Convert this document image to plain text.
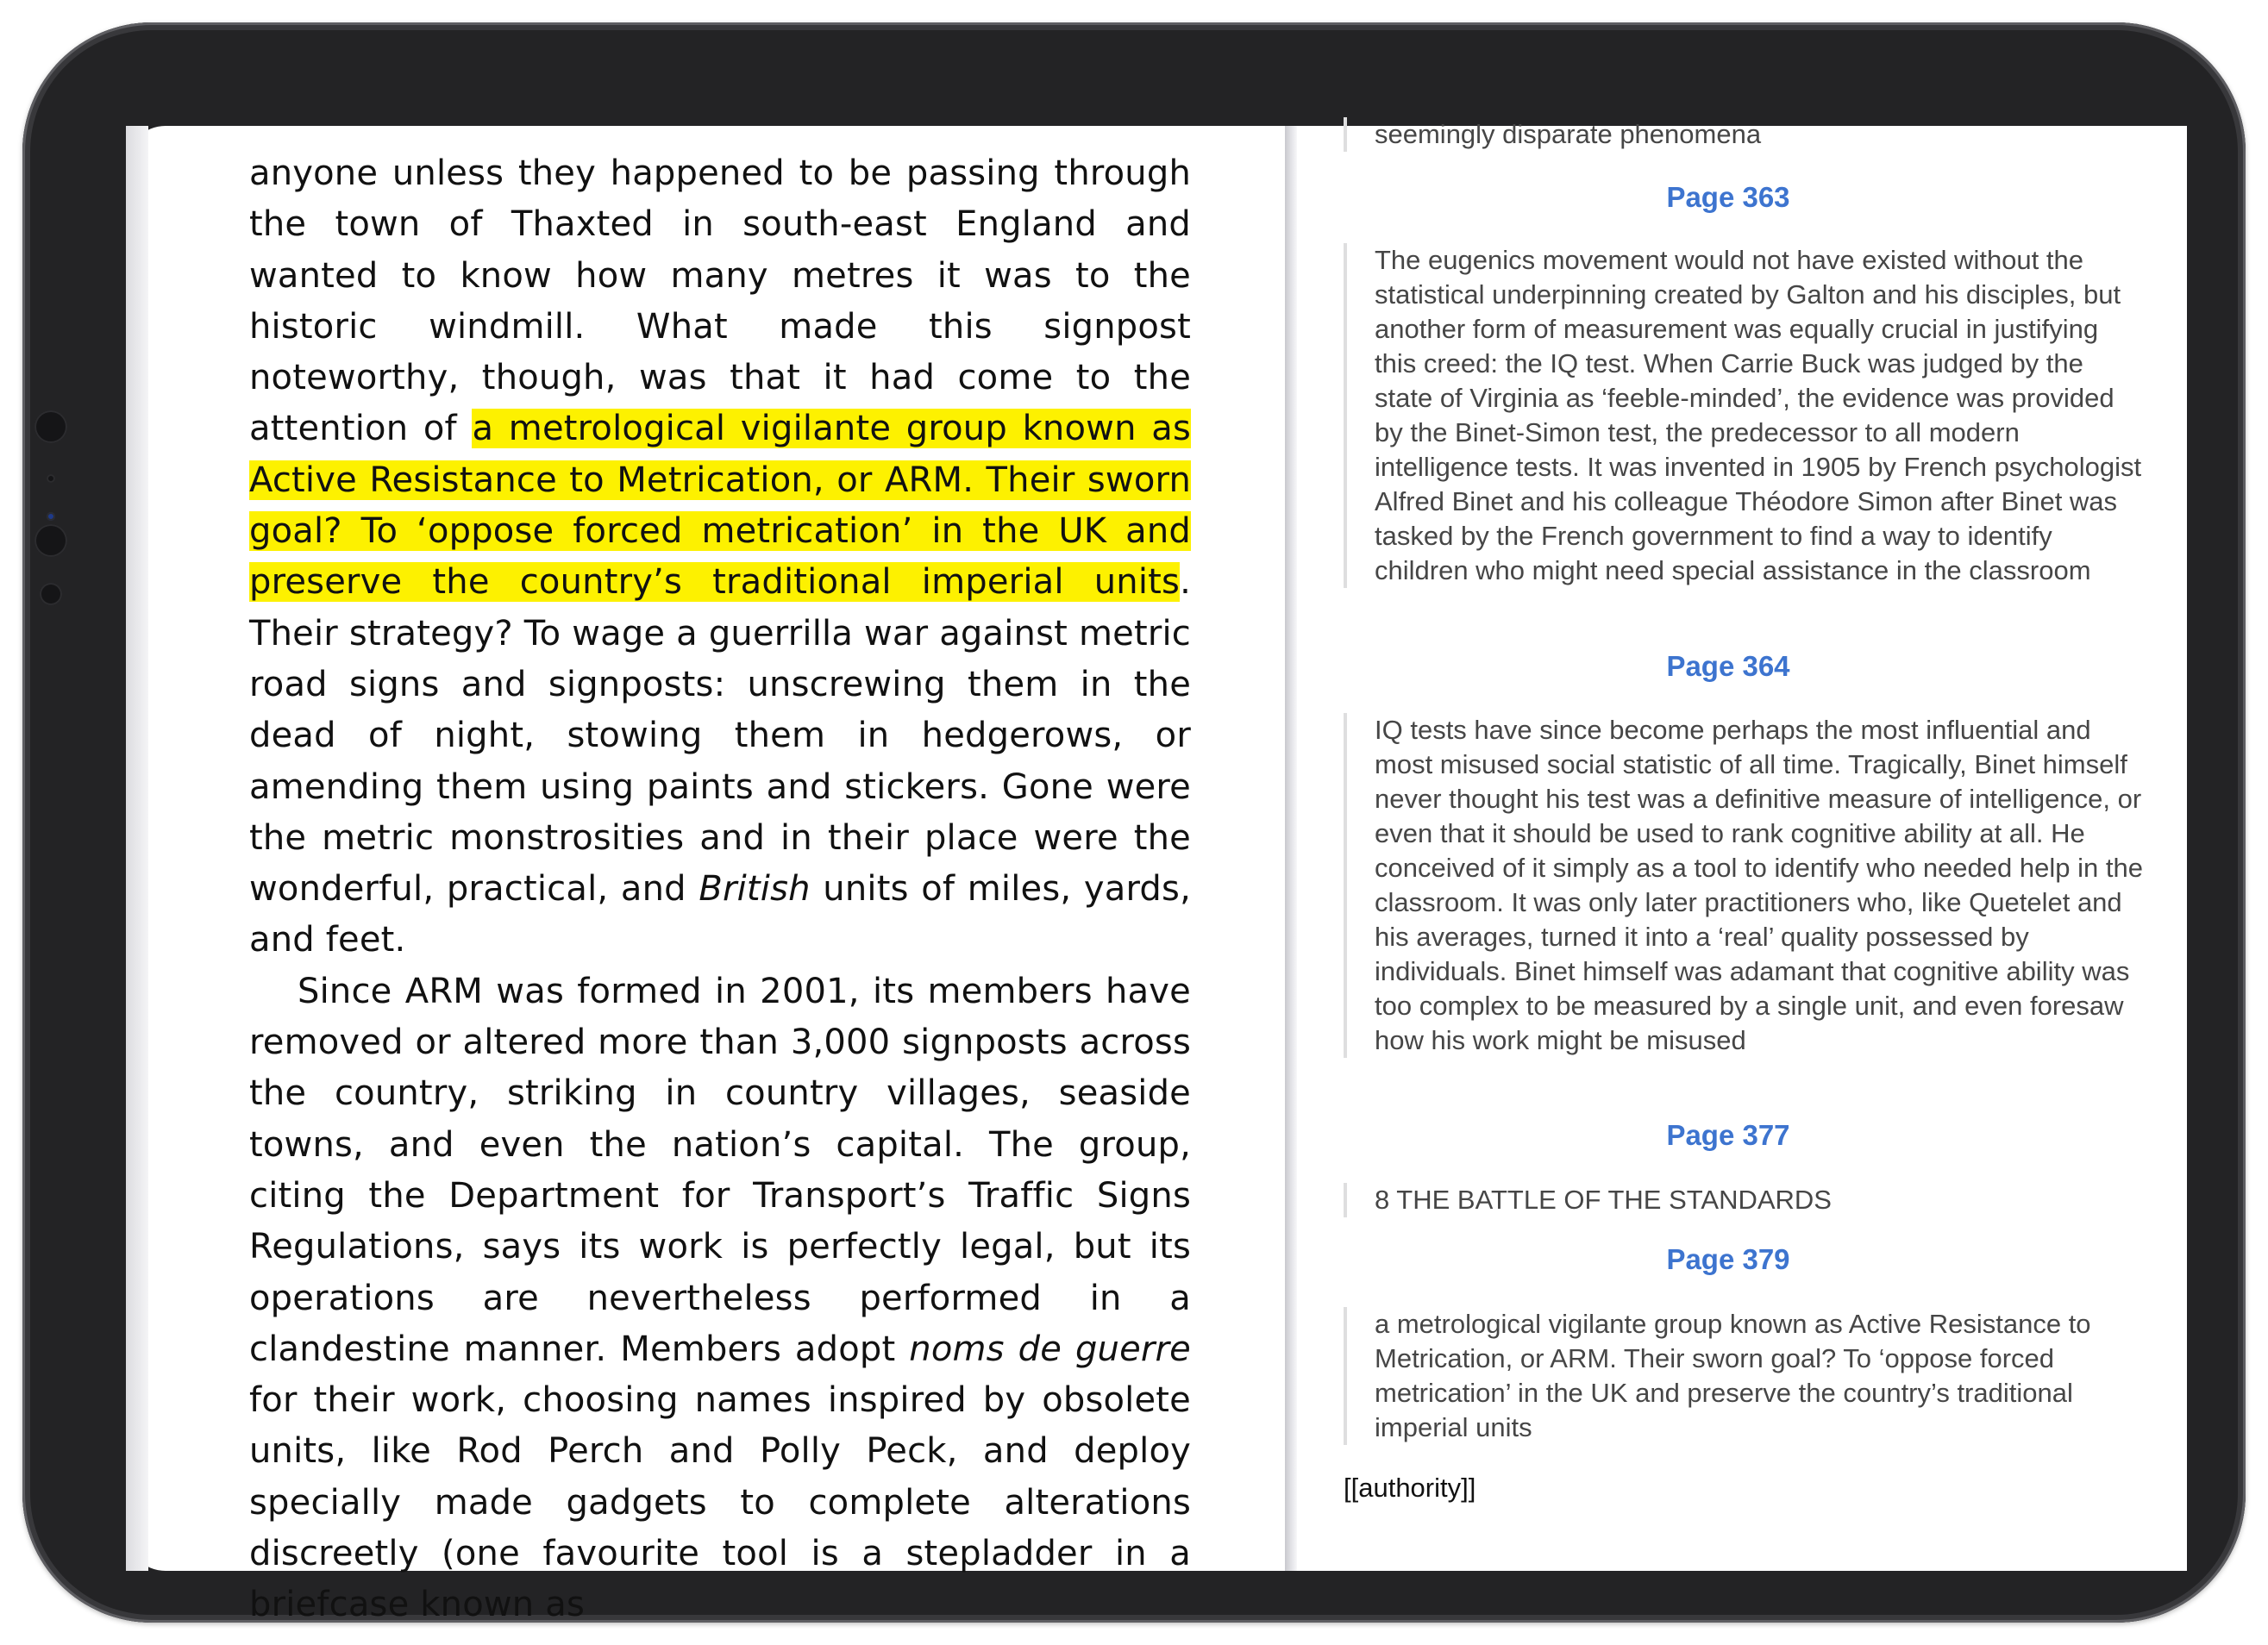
anyone unless they happened to be passing through the town of Thaxted in south-east England and wanted to know how many metres it was to the historic windmill. What made this signpost noteworthy, though, was that it had come to the attention of a metrological vigilante group known as Active Resistance to Metrication, or ARM. Their sworn goal? To ‘oppose forced metrication’ in the UK and preserve the country’s traditional imperial units. Their strategy? To wage a guerrilla war against metric road signs and signposts: unscrewing them in the dead of night, stowing them in hedgerows, or amending them using paints and stickers. Gone were the metric monstrosities and in their place were the wonderful, practical, and British units of miles, yards, and feet.

Since ARM was formed in 2001, its members have removed or altered more than 3,000 signposts across the country, striking in country villages, seaside towns, and even the nation’s capital. The group, citing the Department for Transport’s Traffic Signs Regulations, says its work is perfectly legal, but its operations are nevertheless performed in a clandestine manner. Members adopt noms de guerre for their work, choosing names inspired by obsolete units, like Rod Perch and Polly Peck, and deploy specially made gadgets to complete alterations discreetly (one favourite tool is a stepladder in a briefcase known as

seemingly disparate phenomena
Page 363
The eugenics movement would not have existed without the statistical underpinning created by Galton and his disciples, but another form of measurement was equally crucial in justifying this creed: the IQ test. When Carrie Buck was judged by the state of Virginia as ‘feeble-minded’, the evidence was provided by the Binet-Simon test, the predecessor to all modern intelligence tests. It was invented in 1905 by French psychologist Alfred Binet and his colleague Théodore Simon after Binet was tasked by the French government to find a way to identify children who might need special assistance in the classroom
Page 364
IQ tests have since become perhaps the most influential and most misused social statistic of all time. Tragically, Binet himself never thought his test was a definitive measure of intelligence, or even that it should be used to rank cognitive ability at all. He conceived of it simply as a tool to identify who needed help in the classroom. It was only later practitioners who, like Quetelet and his averages, turned it into a ‘real’ quality possessed by individuals. Binet himself was adamant that cognitive ability was too complex to be measured by a single unit, and even foresaw how his work might be misused
Page 377
8 THE BATTLE OF THE STANDARDS
Page 379
a metrological vigilante group known as Active Resistance to Metrication, or ARM. Their sworn goal? To ‘oppose forced metrication’ in the UK and preserve the country’s traditional imperial units
[[authority]]
